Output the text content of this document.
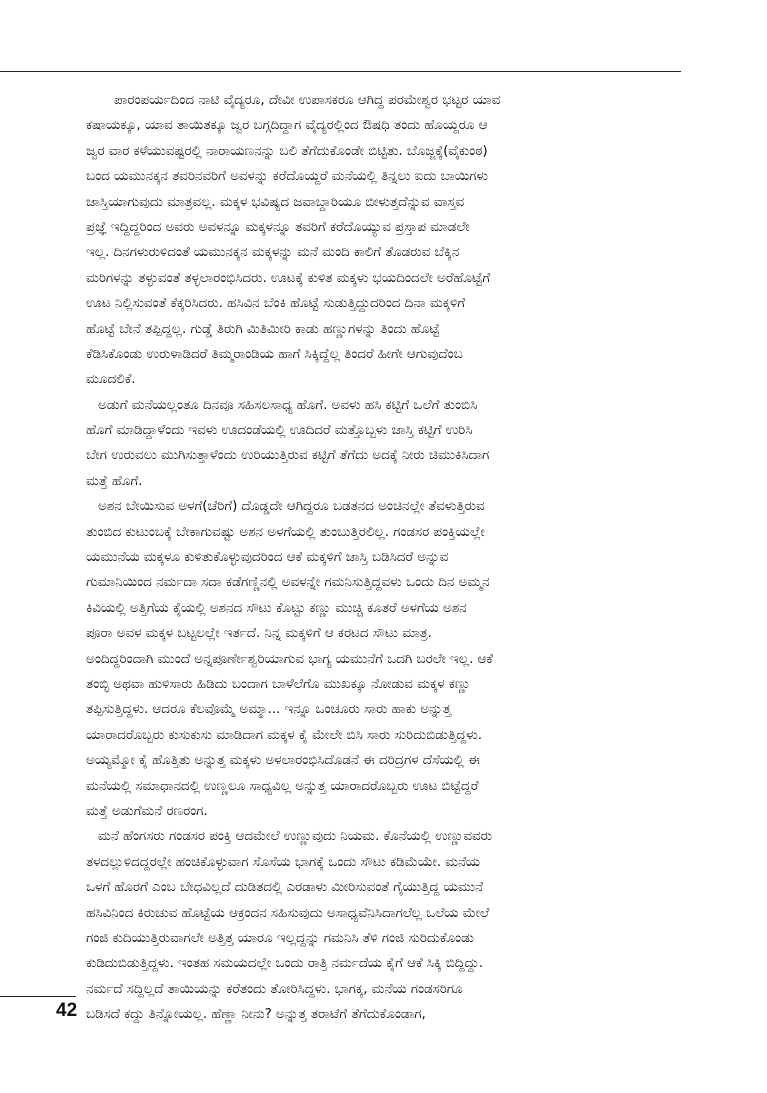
ಪಾರಂಪರ್ಯದಿಂದ ನಾಟಿ ವೈದ್ಯರೂ, ದೇವೀ ಉಪಾಸಕರೂ ಆಗಿದ್ದ ಪರಮೇಶ್ವರ ಭಟ್ಟರ ಯಾವ
ಕಷಾಯಕ್ಕೂ, ಯಾವ ತಾಯಿತಕ್ಕೂ ಜ್ವರ ಬಗ್ಗದಿದ್ದಾಗ ವೈದ್ಯರಲ್ಲಿಂದ ಔಷಧಿ ತಂದು ಹೊಯ್ದರೂ ಆ
ಜ್ವರ ವಾರ ಕಳೆಯುವಷ್ಟರಲ್ಲಿ ನಾರಾಯಣನನ್ನು ಬಲಿ ತೆಗೆದುಕೊಂಡೇ ಬಿಟ್ಟಿತು. ಬೊಜ್ಜಕ್ಕೆ(ವೈಕುಂಠ)
ಬಂದ ಯಮುನಕ್ಕನ ತವರಿನವರಿಗೆ ಅವಳನ್ನು ಕರೆದೊಯ್ದರೆ ಮನೆಯಲ್ಲಿ ತಿನ್ನಲು ಐದು ಬಾಯಿಗಳು
ಜಾಸ್ತಿಯಾಗುವುದು ಮಾತ್ರವಲ್ಲ. ಮಕ್ಕಳ ಭವಿಷ್ಯದ ಜವಾಬ್ದಾರಿಯೂ ಬೀಳುತ್ತದೆನ್ನುವ ವಾಸ್ತವ
ಪ್ರಜ್ಞೆ ಇದ್ದಿದ್ದರಿಂದ ಅವರು ಅವಳನ್ನೂ ಮಕ್ಕಳನ್ನೂ ತವರಿಗೆ ಕರೆದೊಯ್ಯುವ ಪ್ರಸ್ತಾಪ ಮಾಡಲೇ
ಇಲ್ಲ. ದಿನಗಳುರುಳಿದಂತೆ ಯಮುನಕ್ಕನ ಮಕ್ಕಳನ್ನು ಮನೆ ಮಂದಿ ಕಾಲಿಗೆ ತೊಡರುವ ಬೆಕ್ಕಿನ
ಮರಿಗಳನ್ನು ತಳ್ಳುವಂತೆ ತಳ್ಳಲಾರಂಭಿಸಿದರು. ಊಟಕ್ಕೆ ಕುಳಿತ ಮಕ್ಕಳು ಭಯದಿಂದಲೇ ಅರೆಹೊಟ್ಟೆಗೆ
ಊಟ ನಿಲ್ಲಿಸುವಂತೆ ಕೆಕ್ಕರಿಸಿದರು. ಹಸಿವಿನ ಬೆಂಕಿ ಹೊಟ್ಟೆ ಸುಡುತ್ತಿದ್ದುದರಿಂದ ದಿನಾ ಮಕ್ಕಳಿಗೆ
ಹೊಟ್ಟೆ ಬೇನೆ ತಪ್ಪಿದ್ದಲ್ಲ. ಗುಡ್ಡೆ ತಿರುಗಿ ಮಿತಿಮೀರಿ ಕಾಡು ಹಣ್ಣುಗಳನ್ನು ತಿಂದು ಹೊಟ್ಟೆ
ಕೆಡಿಸಿಕೊಂಡು ಉರುಳಾಡಿದರೆ ತಿಮ್ಮರಾಂಡಿಯ ಹಾಗೆ ಸಿಕ್ಕಿದ್ದೆಲ್ಲ ತಿಂದರೆ ಹೀಗೇ ಆಗುವುದೆಂಬ
ಮೂದಲಿಕೆ.
ಅಡುಗೆ ಮನೆಯಲ್ಲಂತೂ ದಿನವೂ ಸಹಿಸಲಸಾಧ್ಯ ಹೊಗೆ. ಅವಳು ಹಸಿ ಕಟ್ಟಿಗೆ ಒಲೆಗೆ ತುಂಬಿಸಿ
ಹೊಗೆ ಮಾಡಿದ್ದಾಳೆಂದು ಇವಳು ಊದಂಡೆಯಲ್ಲಿ ಊದಿದರೆ ಮತ್ತೊಬ್ಬಳು ಜಾಸ್ತಿ ಕಟ್ಟಿಗೆ ಉರಿಸಿ
ಬೇಗ ಉರುವಲು ಮುಗಿಸುತ್ತಾಳೆಂದು ಉರಿಯುತ್ತಿರುವ ಕಟ್ಟಿಗೆ ತೆಗೆದು ಅದಕ್ಕೆ ನೀರು ಚಿಮುಕಿಸಿದಾಗ
ಮತ್ತೆ ಹೊಗೆ.
ಅಶನ ಬೇಯಿಸುವ ಅಳಗೆ(ಚೆರಿಗೆ) ದೊಡ್ಡದೇ ಆಗಿದ್ದರೂ ಬಡತನದ ಅಂಚಿನಲ್ಲೇ ತೆವಳುತ್ತಿರುವ
ತುಂಬಿದ ಕುಟುಂಬಕ್ಕೆ ಬೇಕಾಗುವಷ್ಟು ಅಶನ ಅಳಗೆಯಲ್ಲಿ ತುಂಬುತ್ತಿರಲಿಲ್ಲ. ಗಂಡಸರ ಪಂಕ್ತಿಯಲ್ಲೇ
ಯಮುನೆಯ ಮಕ್ಕಳೂ ಕುಳಿತುಕೊಳ್ಳುವುದರಿಂದ ಆಕೆ ಮಕ್ಕಳಿಗೆ ಜಾಸ್ತಿ ಬಡಿಸಿದರೆ ಅನ್ನುವ
ಗುಮಾನಿಯಿಂದ ನರ್ಮದಾ ಸದಾ ಕಡೆಗಣ್ಣಿನಲ್ಲಿ ಅವಳನ್ನೇ ಗಮನಿಸುತ್ತಿದ್ದವಳು ಒಂದು ದಿನ ಅಮ್ಮನ
ಕಿವಿಯಲ್ಲಿ ಅತ್ತಿಗೆಯ ಕೈಯಲ್ಲಿ ಅಶನದ ಸೌಟು ಕೊಟ್ಟು ಕಣ್ಣು ಮುಚ್ಚಿ ಕೂತರೆ ಅಳಗೆಯ ಅಶನ
ಪೂರಾ ಅವಳ ಮಕ್ಕಳ ಬಟ್ಟಲಲ್ಲೇ ಇರ್ತದೆ. ನಿನ್ನ ಮಕ್ಕಳಿಗೆ ಆ ಕರಟದ ಸೌಟು ಮಾತ್ರ.
ಅಂದಿದ್ದರಿಂದಾಗಿ ಮುಂದೆ ಅನ್ನಪೂರ್ಣೇಶ್ವರಿಯಾಗುವ ಭಾಗ್ಯ ಯಮುನೆಗೆ ಒದಗಿ ಬರಲೇ ಇಲ್ಲ. ಆಕೆ
ತಂಬ್ಳಿ ಅಥವಾ ಹುಳಿಸಾರು ಹಿಡಿದು ಬಂದಾಗ ಬಾಳೆಲೆಗೊ ಮುಖಕ್ಕೂ ನೋಡುವ ಮಕ್ಕಳ ಕಣ್ಣು
ತಪ್ಪಿಸುತ್ತಿದ್ದಳು. ಆದರೂ ಕೆಲವೊಮ್ಮೆ ಅಮ್ಮಾ... ಇನ್ನೂ ಒಂಚೂರು ಸಾರು ಹಾಕು ಅನ್ನುತ್ತ
ಯಾರಾದರೊಬ್ಬರು ಕುಸುಕುಸು ಮಾಡಿದಾಗ ಮಕ್ಕಳ ಕೈ ಮೇಲೇ ಬಿಸಿ ಸಾರು ಸುರಿದುಬಿಡುತ್ತಿದ್ದಳು.
ಅಯ್ಯಮ್ಮೋ ಕೈ ಹೊತ್ತಿತು ಅನ್ನುತ್ತ ಮಕ್ಕಳು ಅಳಲಾರಂಭಿಸಿದೊಡನೆ ಈ ದರಿದ್ರಗಳ ದೆಸೆಯಲ್ಲಿ ಈ
ಮನೆಯಲ್ಲಿ ಸಮಾಧಾನದಲ್ಲಿ ಉಣ್ಣಲೂ ಸಾಧ್ಯವಿಲ್ಲ ಅನ್ನುತ್ತ ಯಾರಾದರೊಬ್ಬರು ಊಟ ಬಿಟ್ಟೆದ್ದರೆ
ಮತ್ತೆ ಅಡುಗೆಮನೆ ರಣರಂಗ.
ಮನೆ ಹೆಂಗಸರು ಗಂಡಸರ ಪಂಕ್ತಿ ಆದಮೇಲೆ ಉಣ್ಣುವುದು ನಿಯಮ. ಕೊನೆಯಲ್ಲಿ ಉಣ್ಣುವವರು
ತಳದಲ್ಲುಳಿದದ್ದರಲ್ಲೇ ಹಂಚಿಕೊಳ್ಳುವಾಗ ಸೊಸೆಯ ಭಾಗಕ್ಕೆ ಒಂದು ಸೌಟು ಕಡಿಮೆಯೇ. ಮನೆಯ
ಒಳಗೆ ಹೊರಗೆ ಎಂಬ ಬೇಧವಿಲ್ಲದೆ ದುಡಿತದಲ್ಲಿ ಎರಡಾಳು ಮೀರಿಸುವಂತೆ ಗೈಯುತ್ತಿದ್ದ ಯಮುನೆ
ಹಸಿವಿನಿಂದ ಕಿರುಚುವ ಹೊಟ್ಟೆಯ ಆಕ್ರಂದನ ಸಹಿಸುವುದು ಅಸಾಧ್ಯವೆನಿಸಿದಾಗಲೆಲ್ಲ ಒಲೆಯ ಮೇಲೆ
ಗಂಜಿ ಕುದಿಯುತ್ತಿರುವಾಗಲೇ ಅತ್ತಿತ್ತ ಯಾರೂ ಇಲ್ಲದ್ದನ್ನು ಗಮನಿಸಿ ತೆಳಿ ಗಂಜಿ ಸುರಿದುಕೊಂಡು
ಕುಡಿದುಬಿಡುತ್ತಿದ್ದಳು. ಇಂತಹ ಸಮಯದಲ್ಲೇ ಒಂದು ರಾತ್ರಿ ನರ್ಮದೆಯ ಕೈಗೆ ಆಕೆ ಸಿಕ್ಕಿ ಬಿದ್ದಿದ್ದು.
ನರ್ಮದೆ ಸದ್ದಿಲ್ಲದೆ ತಾಯಿಯನ್ನು ಕರೆತಂದು ತೋರಿಸಿದ್ದಳು. ಭಾಗಕ್ಕ, ಮನೆಯ ಗಂಡಸರಿಗೂ
ಬಡಿಸದೆ ಕದ್ದು ತಿನ್ನೋಯಲ್ಲ. ಹೆಣ್ಣಾ ನೀನು? ಅನ್ನುತ್ತ ತರಾಟೆಗೆ ತೆಗೆದುಕೊಂಡಾಗ,
42
